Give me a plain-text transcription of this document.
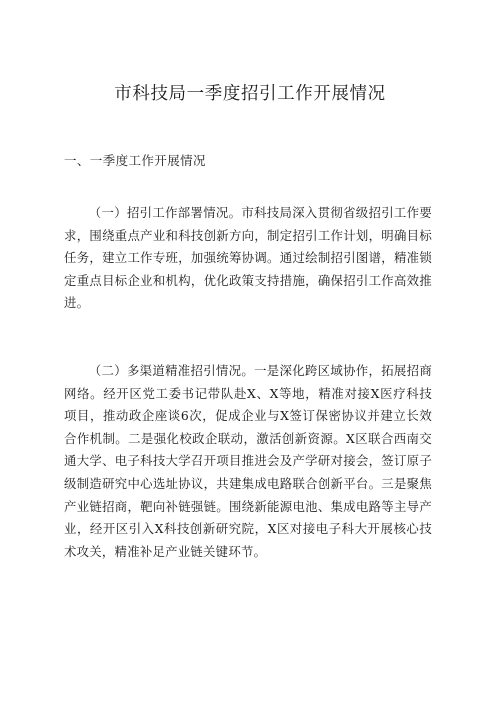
市科技局一季度招引工作开展情况
一、一季度工作开展情况

（一）招引工作部署情况。市科技局深入贯彻省级招引工作要求，围绕重点产业和科技创新方向，制定招引工作计划，明确目标任务，建立工作专班，加强统筹协调。通过绘制招引图谱，精准锁定重点目标企业和机构，优化政策支持措施，确保招引工作高效推进。

（二）多渠道精准招引情况。一是深化跨区域协作，拓展招商网络。经开区党工委书记带队赴X、X等地，精准对接X医疗科技项目，推动政企座谈6次，促成企业与X签订保密协议并建立长效合作机制。二是强化校政企联动，激活创新资源。X区联合西南交通大学、电子科技大学召开项目推进会及产学研对接会，签订原子级制造研究中心选址协议，共建集成电路联合创新平台。三是聚焦产业链招商，靶向补链强链。围绕新能源电池、集成电路等主导产业，经开区引入X科技创新研究院，X区对接电子科大开展核心技术攻关，精准补足产业链关键环节。
